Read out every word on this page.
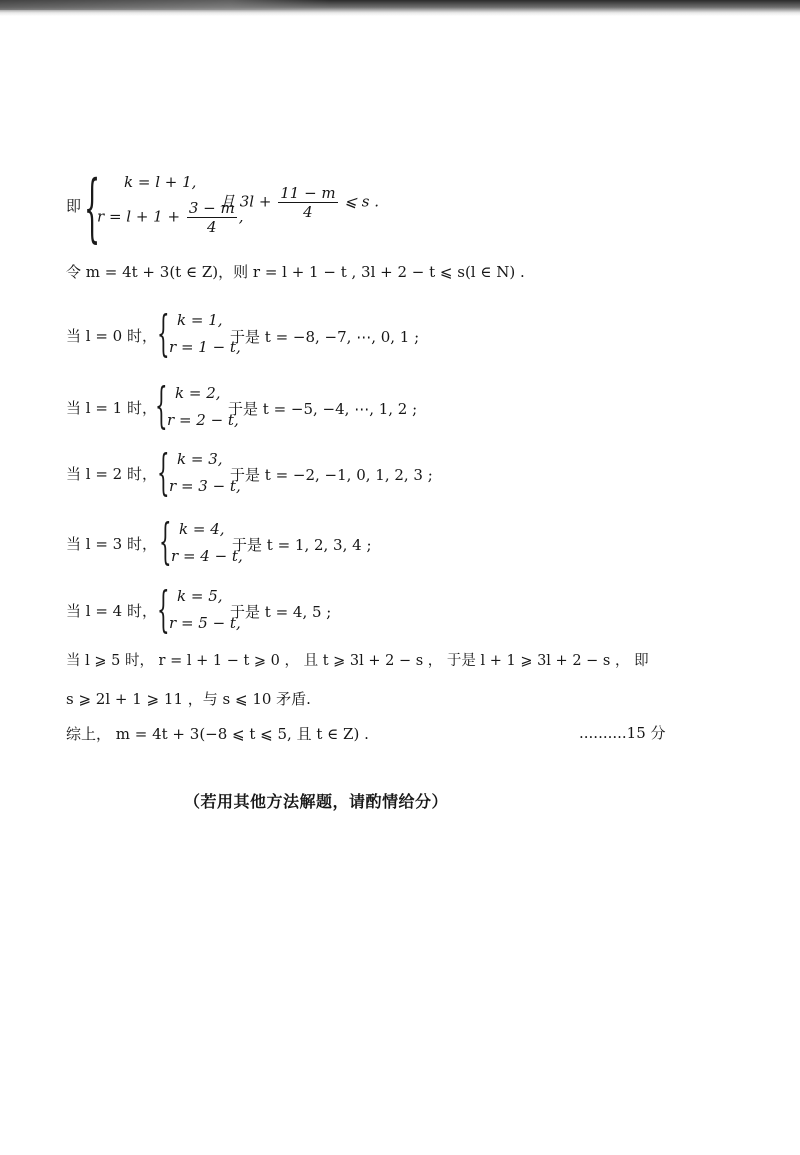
即 { k = l + 1,
$r = l + 1 + \frac{3 - m}{4}$ ,
且 $3l + \frac{11 - m}{4}$ ⩽ s .
令 m = 4t + 3(t ∈ Z)，则 r = l + 1 − t , 3l + 2 − t ⩽ s(l ∈ N) .
当 l = 0 时， { k = 1,
r = 1 − t,
于是 t = −8, −7, ⋯, 0, 1 ;
当 l = 1 时，
{ k = 2,
r = 2 − t,
于是 t = −5, −4, ⋯, 1, 2 ;
当 l = 2 时， { k = 3,
r = 3 − t,
于是 t = −2, −1, 0, 1, 2, 3 ;
当 l = 3 时， { k = 4,
r = 4 − t,
于是 t = 1, 2, 3, 4 ;
当 l = 4 时， { k = 5,
r = 5 − t,
于是 t = 4, 5 ;
当 l ⩾ 5 时， r = l + 1 − t ⩾ 0 ， 且 t ⩾ 3l + 2 − s ， 于是 l + 1 ⩾ 3l + 2 − s ， 即
s ⩾ 2l + 1 ⩾ 11 ，与 s ⩽ 10 矛盾.
综上， m = 4t + 3(−8 ⩽ t ⩽ 5, 且 t ∈ Z) .	..........15 分
（若用其他方法解题，请酌情给分）
